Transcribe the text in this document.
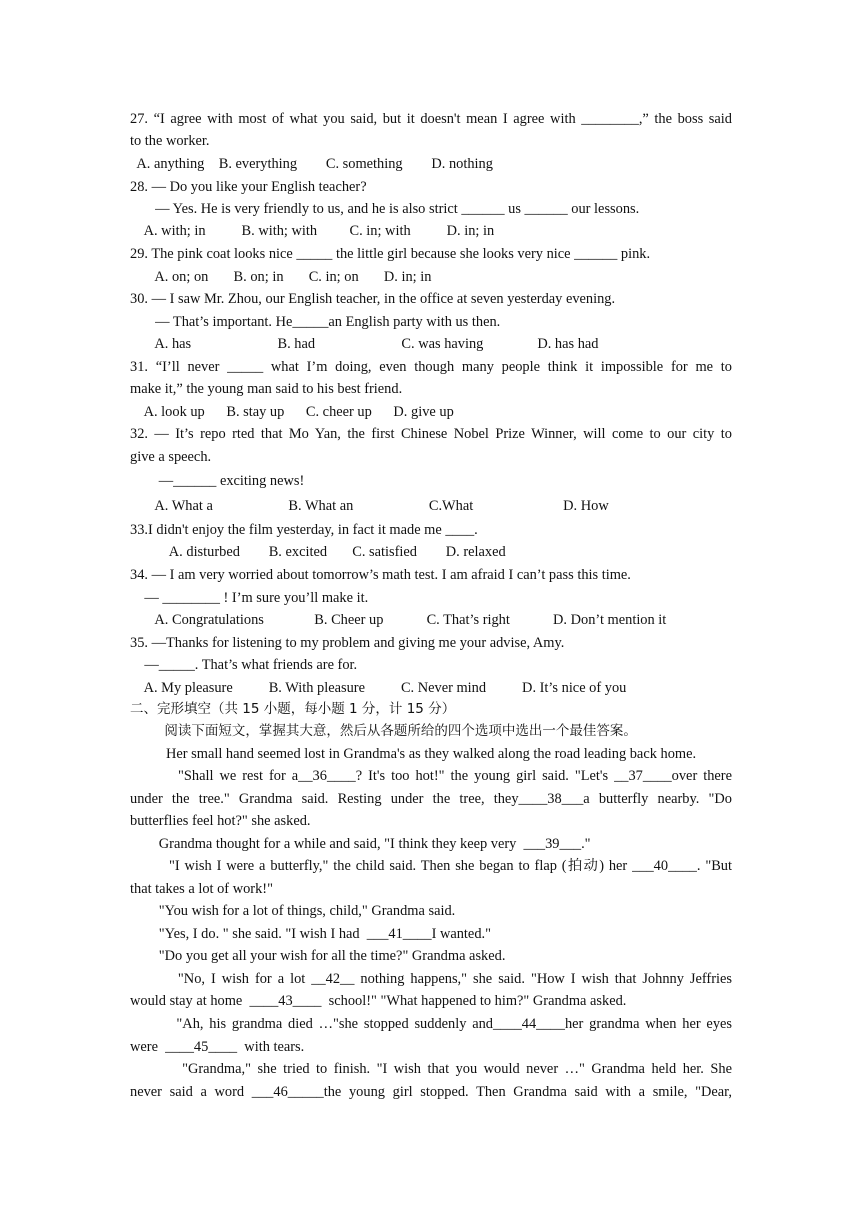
27. “I agree with most of what you said, but it doesn't mean I agree with ________,” the boss said
to the worker.
A. anything    B. everything        C. something        D. nothing
28. — Do you like your English teacher?
— Yes. He is very friendly to us, and he is also strict ______ us ______ our lessons.
A. with; in          B. with; with         C. in; with          D. in; in
29. The pink coat looks nice _____ the little girl because she looks very nice ______ pink.
A. on; on       B. on; in       C. in; on       D. in; in
30. — I saw Mr. Zhou, our English teacher, in the office at seven yesterday evening.
— That’s important. He_____an English party with us then.
A. has                        B. had                        C. was having               D. has had
31. “I’ll never _____ what I’m doing, even though many people think it impossible for me to
make it,” the young man said to his best friend.
A. look up      B. stay up      C. cheer up      D. give up
32. — It’s repo rted that Mo Yan, the first Chinese Nobel Prize Winner, will come to our city to
give a speech.
—______ exciting news!
A. What a                     B. What an                     C.What                         D. How
33.I didn't enjoy the film yesterday, in fact it made me ____.
A. disturbed        B. excited       C. satisfied        D. relaxed
34. — I am very worried about tomorrow’s math test. I am afraid I can’t pass this time.
— ________ ! I’m sure you’ll make it.
A. Congratulations              B. Cheer up            C. That’s right            D. Don’t mention it
35. —Thanks for listening to my problem and giving me your advise, Amy.
—_____. That’s what friends are for.
A. My pleasure          B. With pleasure          C. Never mind          D. It’s nice of you
二、完形填空（共 15 小题，每小题 1 分，计 15 分）
阅读下面短文，掌握其大意，然后从各题所给的四个选项中选出一个最佳答案。
Her small hand seemed lost in Grandma's as they walked along the road leading back home.
"Shall we rest for a__36____? It's too hot!" the young girl said. "Let's __37____over there
under the tree." Grandma said. Resting under the tree, they____38___a butterfly nearby. "Do
butterflies feel hot?" she asked.
Grandma thought for a while and said, "I think they keep very  ___39___."
"I wish I were a butterfly," the child said. Then she began to flap (拍动) her ___40____. "But
that takes a lot of work!"
"You wish for a lot of things, child," Grandma said.
"Yes, I do. " she said. "I wish I had  ___41____I wanted."
"Do you get all your wish for all the time?" Grandma asked.
"No, I wish for a lot __42__ nothing happens," she said. "How I wish that Johnny Jeffries
would stay at home  ____43____  school!" "What happened to him?" Grandma asked.
"Ah, his grandma died …"she stopped suddenly and____44____her grandma when her eyes
were  ____45____  with tears.
"Grandma," she tried to finish. "I wish that you would never …" Grandma held her. She
never said a word ___46_____the young girl stopped. Then Grandma said with a smile, "Dear,
